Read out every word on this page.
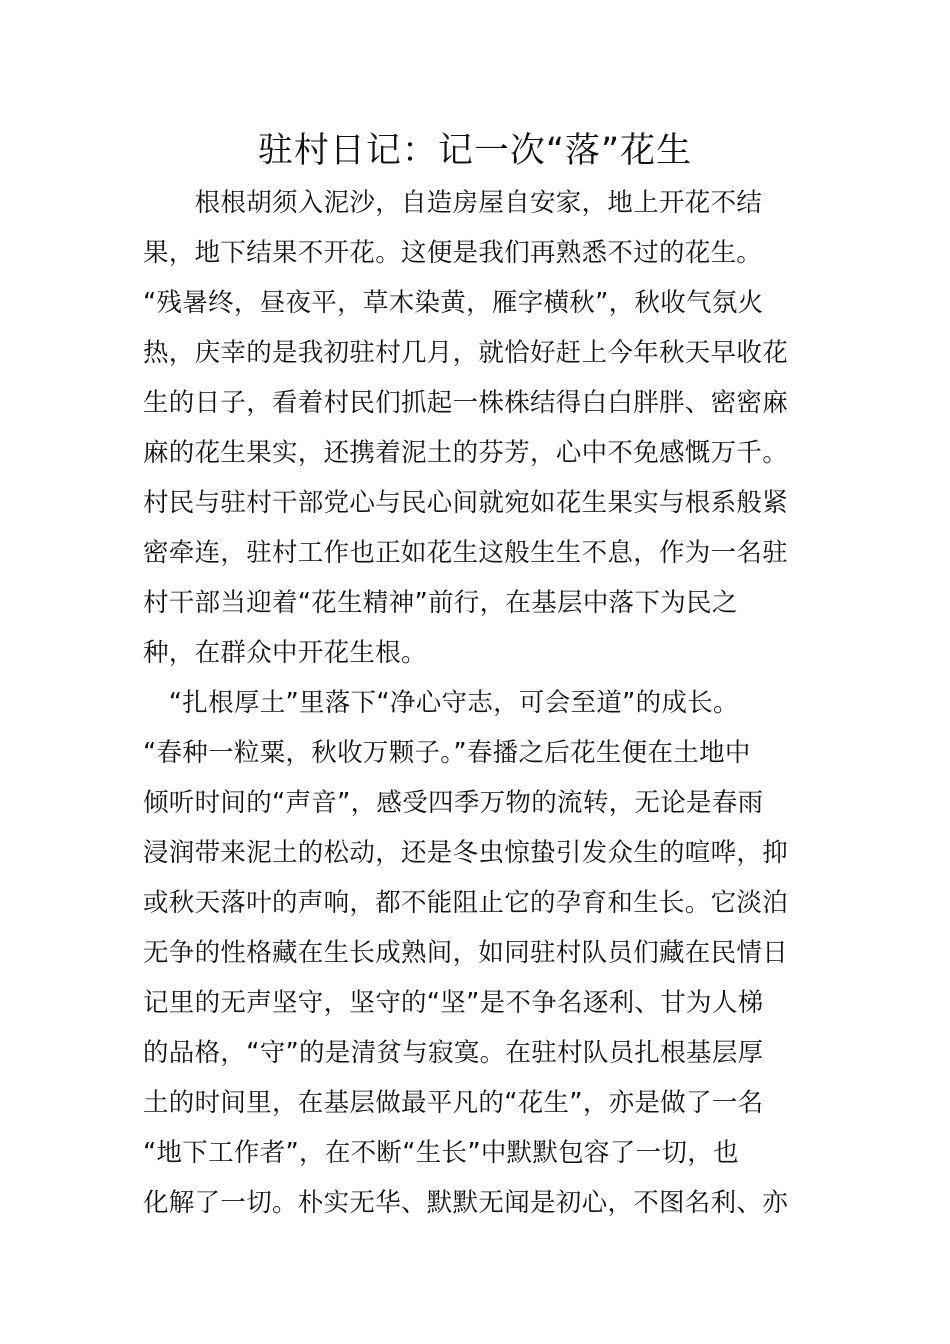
驻村日记：记一次“落”花生
　　根根胡须入泥沙，自造房屋自安家，地上开花不结
果，地下结果不开花。这便是我们再熟悉不过的花生。
“残暑终，昼夜平，草木染黄，雁字横秋”，秋收气氛火
热，庆幸的是我初驻村几月，就恰好赶上今年秋天早收花
生的日子，看着村民们抓起一株株结得白白胖胖、密密麻
麻的花生果实，还携着泥土的芬芳，心中不免感慨万千。
村民与驻村干部党心与民心间就宛如花生果实与根系般紧
密牵连，驻村工作也正如花生这般生生不息，作为一名驻
村干部当迎着“花生精神”前行，在基层中落下为民之
种，在群众中开花生根。
　“扎根厚土”里落下“净心守志，可会至道”的成长。
“春种一粒粟，秋收万颗子。”春播之后花生便在土地中
倾听时间的“声音”，感受四季万物的流转，无论是春雨
浸润带来泥土的松动，还是冬虫惊蛰引发众生的喧哗，抑
或秋天落叶的声响，都不能阻止它的孕育和生长。它淡泊
无争的性格藏在生长成熟间，如同驻村队员们藏在民情日
记里的无声坚守，坚守的“坚”是不争名逐利、甘为人梯
的品格，“守”的是清贫与寂寞。在驻村队员扎根基层厚
土的时间里，在基层做最平凡的“花生”，亦是做了一名
“地下工作者”，在不断“生长”中默默包容了一切，也
化解了一切。朴实无华、默默无闻是初心，不图名利、亦
